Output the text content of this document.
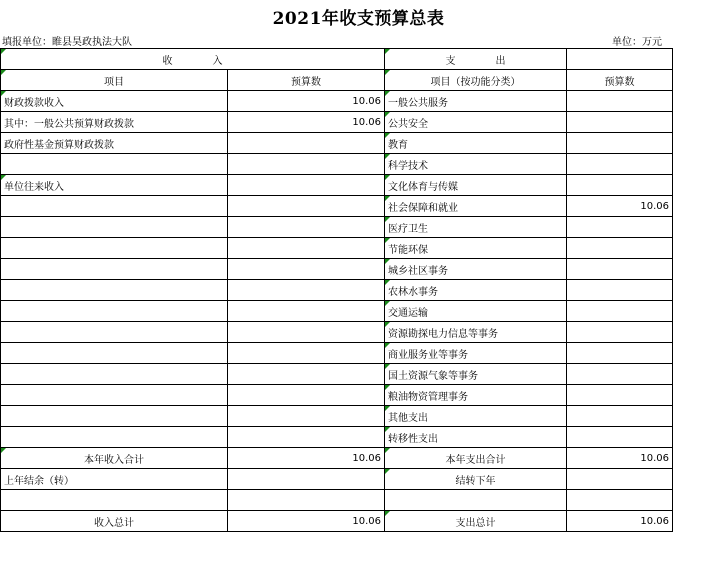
2021年收支预算总表
填报单位：睢县昊政执法大队	单位：万元
收 入		支 出	
项目	预算数	项目（按功能分类）	预算数
财政拨款收入	10.06	一般公共服务	
其中：一般公共预算财政拨款	10.06	公共安全	
政府性基金预算财政拨款		教育	
		科学技术	
单位往来收入		文化体育与传媒	
		社会保障和就业	10.06
		医疗卫生	
		节能环保	
		城乡社区事务	
		农林水事务	
		交通运输	
		资源勘探电力信息等事务	
		商业服务业等事务	
		国土资源气象等事务	
		粮油物资管理事务	
		其他支出	
		转移性支出	
本年收入合计	10.06	本年支出合计	10.06
上年结余（转）		结转下年	

收入总计	10.06	支出总计	10.06
